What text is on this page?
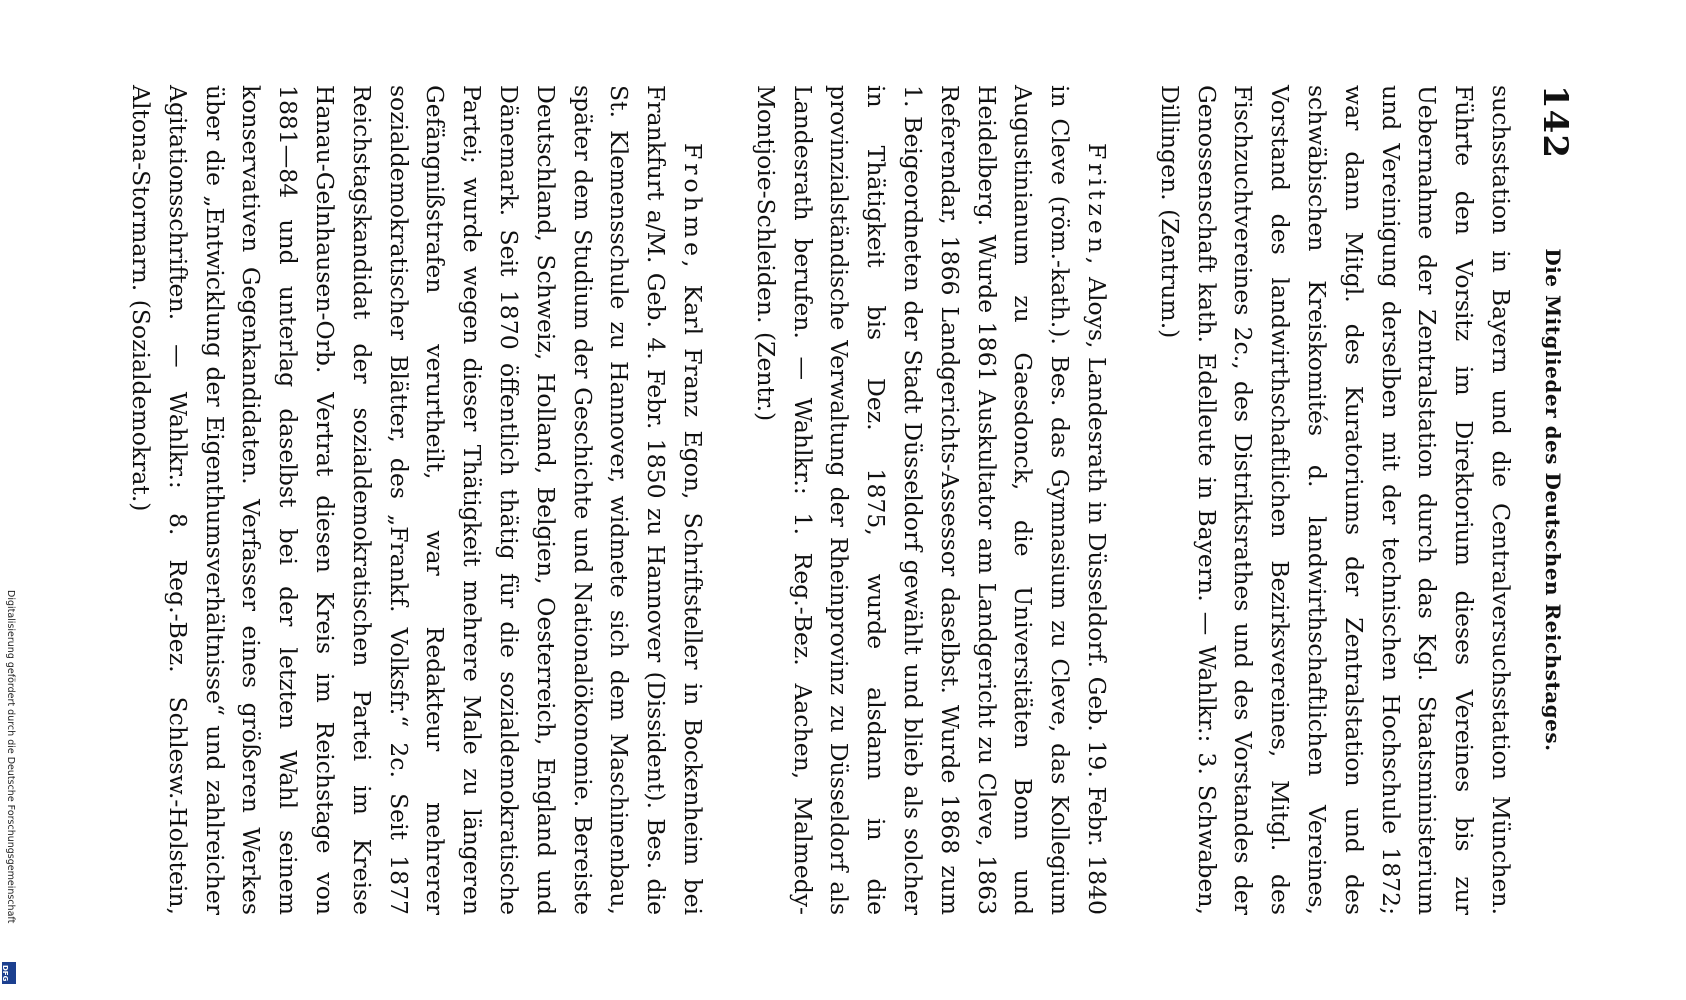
142
Die Mitglieder des Deutschen Reichstages.

suchsstation in Bayern und die Centralversuchsstation München. Führte den Vorsitz im Direktorium dieses Vereines bis zur Uebernahme der Zentralstation durch das Kgl. Staatsministerium und Vereinigung derselben mit der technischen Hochschule 1872; war dann Mitgl. des Kuratoriums der Zentralstation und des schwäbischen Kreiskomités d. landwirthschaftlichen Vereines, Vorstand des landwirthschaftlichen Bezirksvereines, Mitgl. des Fischzuchtvereines 2c., des Distriktsrathes und des Vorstandes der Genossenschaft kath. Edelleute in Bayern. — Wahlkr.: 3. Schwaben, Dillingen. (Zentrum.)

Fritzen, Aloys, Landesrath in Düsseldorf. Geb. 19. Febr. 1840 in Cleve (röm.-kath.). Bes. das Gymnasium zu Cleve, das Kollegium Augustinianum zu Gaesdonck, die Universitäten Bonn und Heidelberg. Wurde 1861 Auskultator am Landgericht zu Cleve, 1863 Referendar, 1866 Landgerichts-Assessor daselbst. Wurde 1868 zum 1. Beigeordneten der Stadt Düsseldorf gewählt und blieb als solcher in Thätigkeit bis Dez. 1875, wurde alsdann in die provinzialständische Verwaltung der Rheinprovinz zu Düsseldorf als Landesrath berufen. — Wahlkr.: 1. Reg.-Bez. Aachen, Malmedy-Montjoie-Schleiden. (Zentr.)

Frohme, Karl Franz Egon, Schriftsteller in Bockenheim bei Frankfurt a/M. Geb. 4. Febr. 1850 zu Hannover (Dissident). Bes. die St. Klemensschule zu Hannover, widmete sich dem Maschinenbau, später dem Studium der Geschichte und Nationalökonomie. Bereiste Deutschland, Schweiz, Holland, Belgien, Oesterreich, England und Dänemark. Seit 1870 öffentlich thätig für die sozialdemokratische Partei; wurde wegen dieser Thätigkeit mehrere Male zu längeren Gefängnißstrafen verurtheilt, war Redakteur mehrerer sozialdemokratischer Blätter, des „Frankf. Volksfr.“ 2c. Seit 1877 Reichstagskandidat der sozialdemokratischen Partei im Kreise Hanau-Gelnhausen-Orb. Vertrat diesen Kreis im Reichstage von 1881—84 und unterlag daselbst bei der letzten Wahl seinem konservativen Gegenkandidaten. Verfasser eines größeren Werkes über die „Entwicklung der Eigenthumsverhältnisse“ und zahlreicher Agitationsschriften. — Wahlkr.: 8. Reg.-Bez. Schlesw.-Holstein, Altona-Stormarn. (Sozialdemokrat.)

Digitalisierung gefördert durch die Deutsche Forschungsgemeinschaft
DFG
